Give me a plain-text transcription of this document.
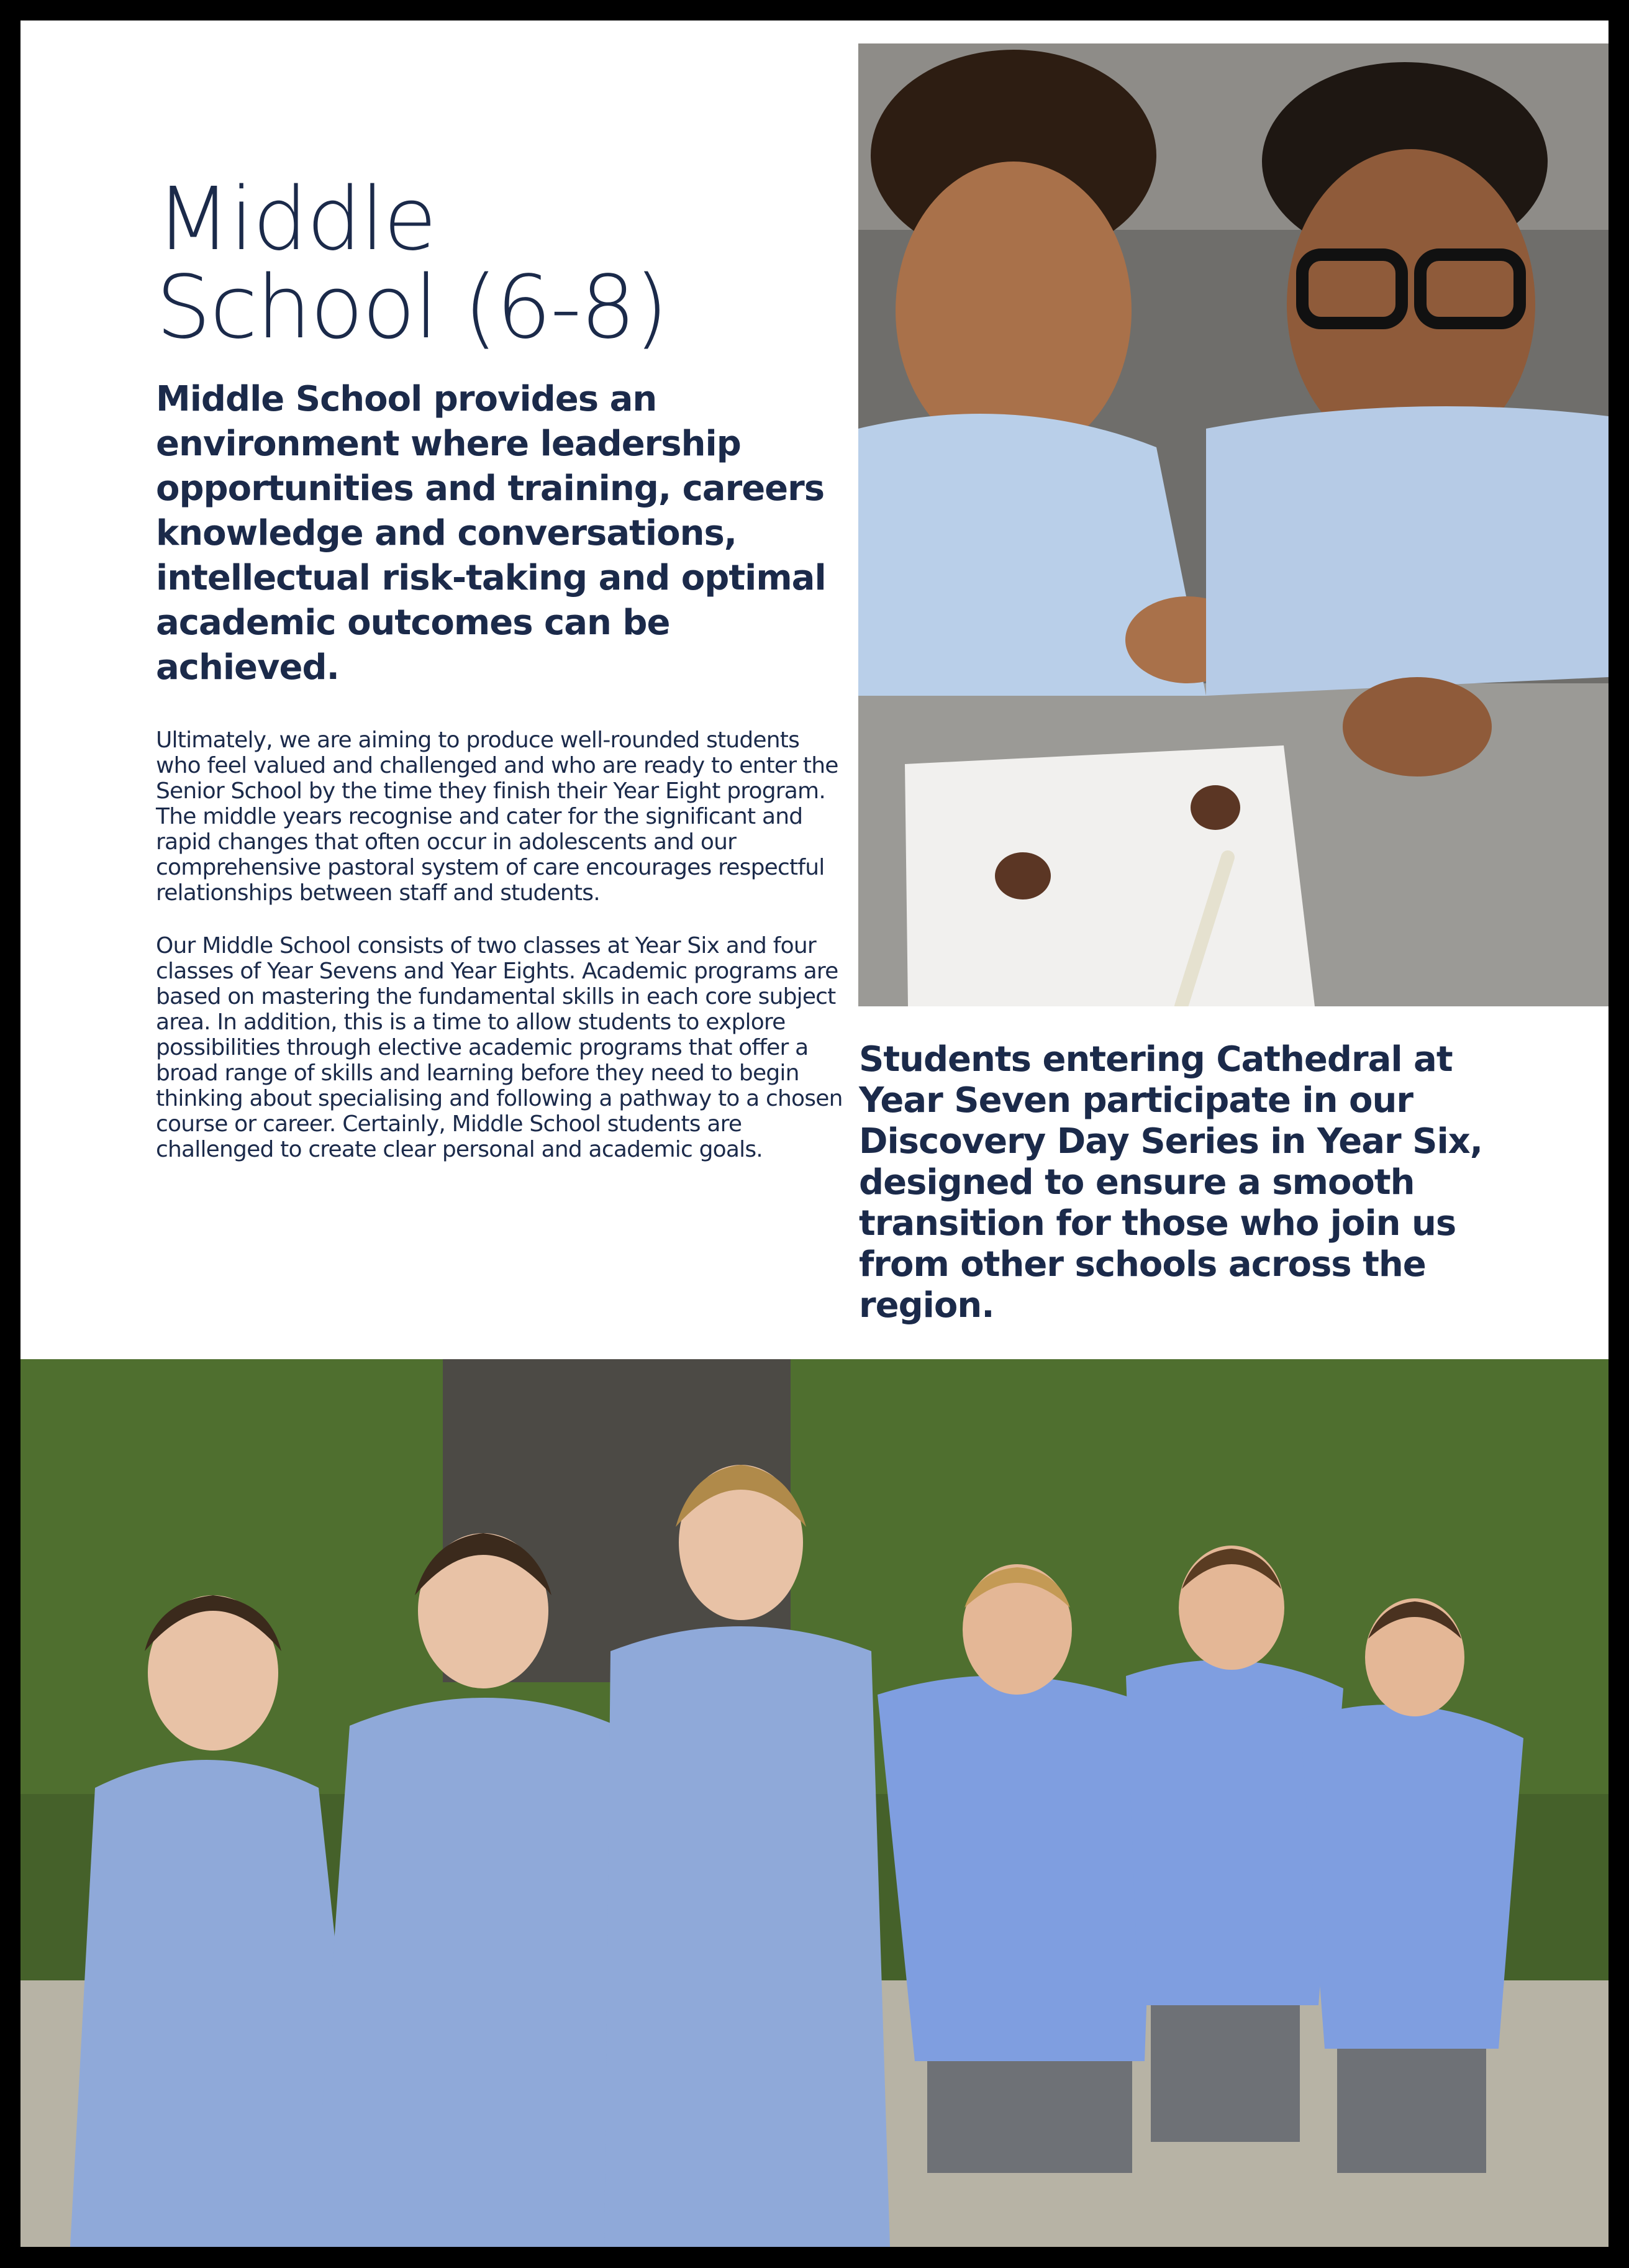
Middle
School (6-8)

Middle School provides an environment where leadership opportunities and training, careers knowledge and conversations, intellectual risk-taking and optimal academic outcomes can be achieved.

Ultimately, we are aiming to produce well-rounded students who feel valued and challenged and who are ready to enter the Senior School by the time they finish their Year Eight program. The middle years recognise and cater for the significant and rapid changes that often occur in adolescents and our comprehensive pastoral system of care encourages respectful relationships between staff and students.

Our Middle School consists of two classes at Year Six and four classes of Year Sevens and Year Eights. Academic programs are based on mastering the fundamental skills in each core subject area. In addition, this is a time to allow students to explore possibilities through elective academic programs that offer a broad range of skills and learning before they need to begin thinking about specialising and following a pathway to a chosen course or career. Certainly, Middle School students are challenged to create clear personal and academic goals.

Students entering Cathedral at Year Seven participate in our Discovery Day Series in Year Six, designed to ensure a smooth transition for those who join us from other schools across the region.
